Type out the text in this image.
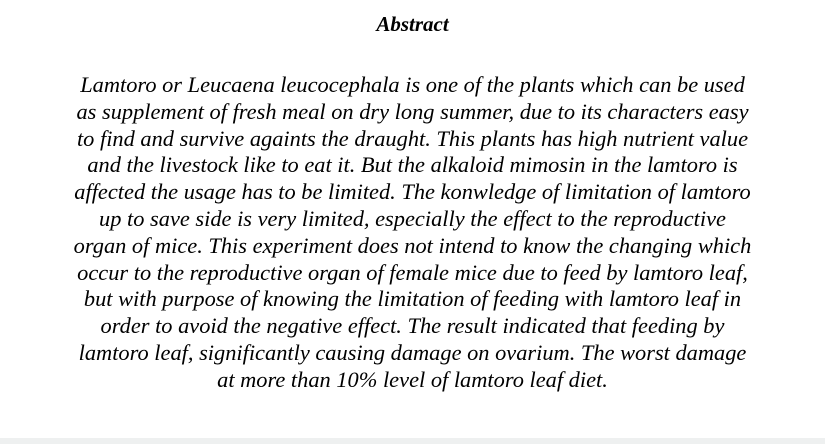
Abstract
Lamtoro or Leucaena leucocephala is one of the plants which can be used
as supplement of fresh meal on dry long summer, due to its characters easy
to find and survive againts the draught. This plants has high nutrient value
and the livestock like to eat it. But the alkaloid mimosin in the lamtoro is
affected the usage has to be limited. The konwledge of limitation of lamtoro
up to save side is very limited, especially the effect to the reproductive
organ of mice. This experiment does not intend to know the changing which
occur to the reproductive organ of female mice due to feed by lamtoro leaf,
but with purpose of knowing the limitation of feeding with lamtoro leaf in
order to avoid the negative effect. The result indicated that feeding by
lamtoro leaf, significantly causing damage on ovarium. The worst damage
at more than 10% level of lamtoro leaf diet.
